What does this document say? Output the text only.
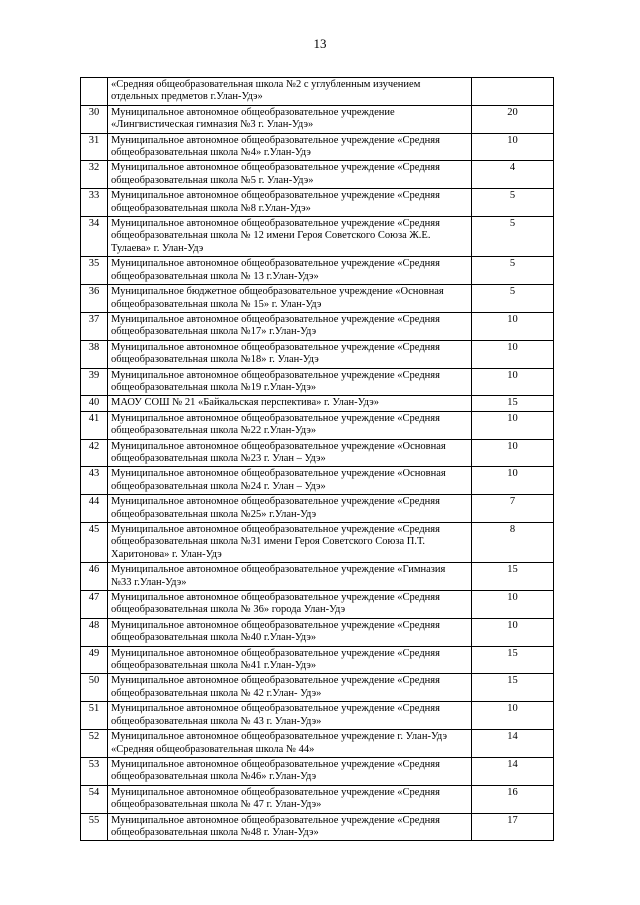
13
	«Средняя общеобразовательная школа №2 с углубленным изучением отдельных предметов г.Улан-Удэ»	
30	Муниципальное автономное общеобразовательное учреждение «Лингвистическая гимназия №3 г. Улан-Удэ»	20
31	Муниципальное автономное общеобразовательное учреждение «Средняя общеобразовательная школа №4» г.Улан-Удэ	10
32	Муниципальное автономное общеобразовательное учреждение «Средняя общеобразовательная школа №5 г. Улан-Удэ»	4
33	Муниципальное автономное общеобразовательное учреждение «Средняя общеобразовательная школа №8 г.Улан-Удэ»	5
34	Муниципальное автономное общеобразовательное учреждение «Средняя общеобразовательная школа № 12 имени Героя Советского Союза Ж.Е. Тулаева» г. Улан-Удэ	5
35	Муниципальное автономное общеобразовательное учреждение «Средняя общеобразовательная школа № 13 г.Улан-Удэ»	5
36	Муниципальное бюджетное общеобразовательное учреждение «Основная общеобразовательная школа № 15» г. Улан-Удэ	5
37	Муниципальное автономное общеобразовательное учреждение «Средняя общеобразовательная школа №17» г.Улан-Удэ	10
38	Муниципальное автономное общеобразовательное учреждение «Средняя общеобразовательная школа №18» г. Улан-Удэ	10
39	Муниципальное автономное общеобразовательное учреждение «Средняя общеобразовательная школа №19 г.Улан-Удэ»	10
40	МАОУ СОШ № 21 «Байкальская перспектива» г. Улан-Удэ»	15
41	Муниципальное автономное общеобразовательное учреждение «Средняя общеобразовательная школа №22 г.Улан-Удэ»	10
42	Муниципальное автономное общеобразовательное учреждение «Основная общеобразовательная школа №23 г. Улан – Удэ»	10
43	Муниципальное автономное общеобразовательное учреждение «Основная общеобразовательная школа №24 г. Улан – Удэ»	10
44	Муниципальное автономное общеобразовательное учреждение «Средняя общеобразовательная школа №25» г.Улан-Удэ	7
45	Муниципальное автономное общеобразовательное учреждение «Средняя общеобразовательная школа №31 имени Героя Советского Союза П.Т. Харитонова» г. Улан-Удэ	8
46	Муниципальное автономное общеобразовательное учреждение «Гимназия №33 г.Улан-Удэ»	15
47	Муниципальное автономное общеобразовательное учреждение «Средняя общеобразовательная школа № 36» города Улан-Удэ	10
48	Муниципальное автономное общеобразовательное учреждение «Средняя общеобразовательная школа №40 г.Улан-Удэ»	10
49	Муниципальное автономное общеобразовательное учреждение «Средняя общеобразовательная школа №41 г.Улан-Удэ»	15
50	Муниципальное автономное общеобразовательное учреждение «Средняя общеобразовательная школа № 42 г.Улан- Удэ»	15
51	Муниципальное автономное общеобразовательное учреждение «Средняя общеобразовательная школа № 43 г. Улан-Удэ»	10
52	Муниципальное автономное общеобразовательное учреждение г. Улан-Удэ «Средняя общеобразовательная школа № 44»	14
53	Муниципальное автономное общеобразовательное учреждение «Средняя общеобразовательная школа №46» г.Улан-Удэ	14
54	Муниципальное автономное общеобразовательное учреждение «Средняя общеобразовательная школа № 47 г. Улан-Удэ»	16
55	Муниципальное автономное общеобразовательное учреждение «Средняя общеобразовательная школа №48 г. Улан-Удэ»	17
